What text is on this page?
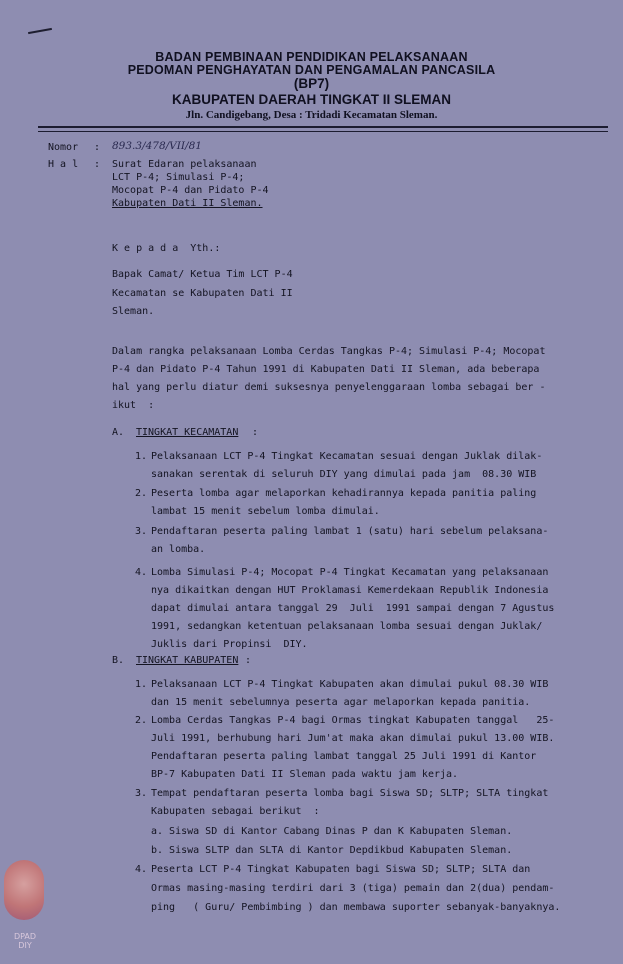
BADAN PEMBINAAN PENDIDIKAN PELAKSANAAN
PEDOMAN PENGHAYATAN DAN PENGAMALAN PANCASILA
(BP7)
KABUPATEN DAERAH TINGKAT II SLEMAN
Jln. Candigebang, Desa : Tridadi Kecamatan Sleman.
Nomor : 893.3/478/VII/81
H a l : Surat Edaran pelaksanaan
LCT P-4; Simulasi P-4;
Mocopat P-4 dan Pidato P-4
Kabupaten Dati II Sleman.
K e p a d a  Yth.:
Bapak Camat/ Ketua Tim LCT P-4
Kecamatan se Kabupaten Dati II
Sleman.
Dalam rangka pelaksanaan Lomba Cerdas Tangkas P-4; Simulasi P-4; Mocopat
P-4 dan Pidato P-4 Tahun 1991 di Kabupaten Dati II Sleman, ada beberapa
hal yang perlu diatur demi suksesnya penyelenggaraan lomba sebagai ber -
ikut  :
A. TINGKAT KECAMATAN :
1. Pelaksanaan LCT P-4 Tingkat Kecamatan sesuai dengan Juklak dilak-
sanakan serentak di seluruh DIY yang dimulai pada jam  08.30 WIB
2. Peserta lomba agar melaporkan kehadirannya kepada panitia paling
lambat 15 menit sebelum lomba dimulai.
3. Pendaftaran peserta paling lambat 1 (satu) hari sebelum pelaksana-
an lomba.
4. Lomba Simulasi P-4; Mocopat P-4 Tingkat Kecamatan yang pelaksanaan
nya dikaitkan dengan HUT Proklamasi Kemerdekaan Republik Indonesia
dapat dimulai antara tanggal 29  Juli  1991 sampai dengan 7 Agustus
1991, sedangkan ketentuan pelaksanaan lomba sesuai dengan Juklak/
Juklis dari Propinsi  DIY.
B. TINGKAT KABUPATEN :
1. Pelaksanaan LCT P-4 Tingkat Kabupaten akan dimulai pukul 08.30 WIB
dan 15 menit sebelumnya peserta agar melaporkan kepada panitia.
2. Lomba Cerdas Tangkas P-4 bagi Ormas tingkat Kabupaten tanggal   25-
Juli 1991, berhubung hari Jum'at maka akan dimulai pukul 13.00 WIB.
Pendaftaran peserta paling lambat tanggal 25 Juli 1991 di Kantor
BP-7 Kabupaten Dati II Sleman pada waktu jam kerja.
3. Tempat pendaftaran peserta lomba bagi Siswa SD; SLTP; SLTA tingkat
Kabupaten sebagai berikut  :
a. Siswa SD di Kantor Cabang Dinas P dan K Kabupaten Sleman.
b. Siswa SLTP dan SLTA di Kantor Depdikbud Kabupaten Sleman.
4. Peserta LCT P-4 Tingkat Kabupaten bagi Siswa SD; SLTP; SLTA dan
Ormas masing-masing terdiri dari 3 (tiga) pemain dan 2(dua) pendam-
ping   ( Guru/ Pembimbing ) dan membawa suporter sebanyak-banyaknya.
DPAD
DIY
